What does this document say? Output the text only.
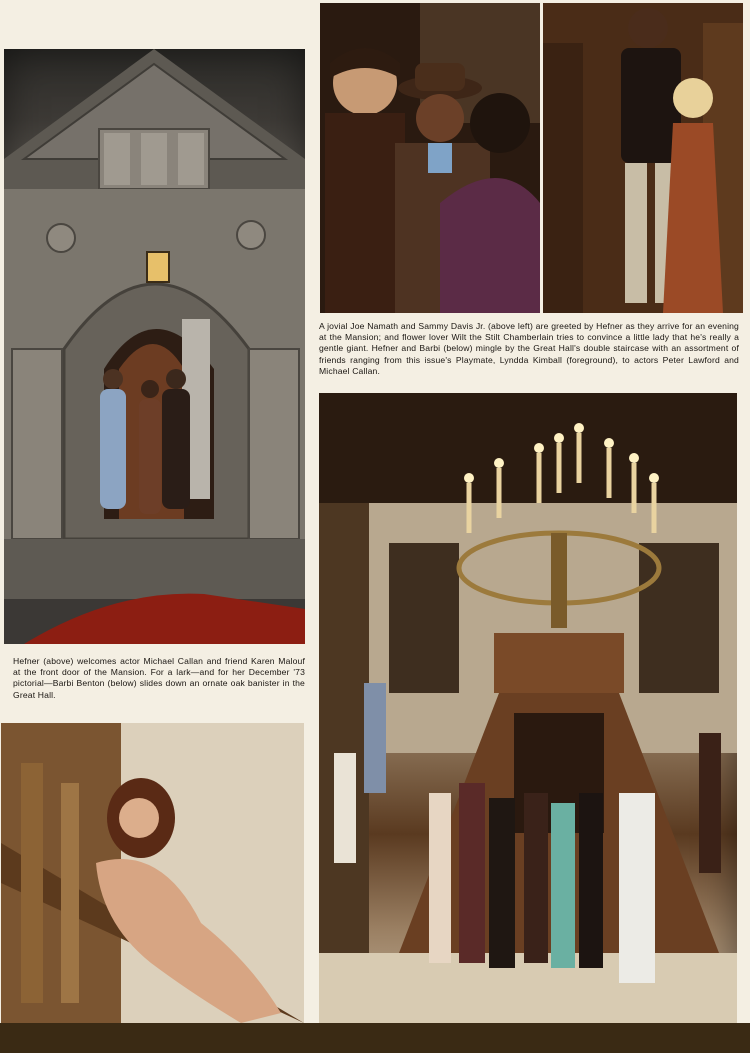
A jovial Joe Namath and Sammy Davis Jr. (above left) are greeted by Hefner as they arrive for an evening at the Mansion; and flower lover Wilt the Stilt Chamberlain tries to convince a little lady that he's really a gentle giant. Hefner and Barbi (below) mingle by the Great Hall's double staircase with an assortment of friends ranging from this issue's Playmate, Lyndda Kimball (foreground), to actors Peter Lawford and Michael Callan.

Hefner (above) welcomes actor Michael Callan and friend Karen Malouf at the front door of the Mansion. For a lark—and for her December '73 pictorial—Barbi Benton (below) slides down an ornate oak banister in the Great Hall.
